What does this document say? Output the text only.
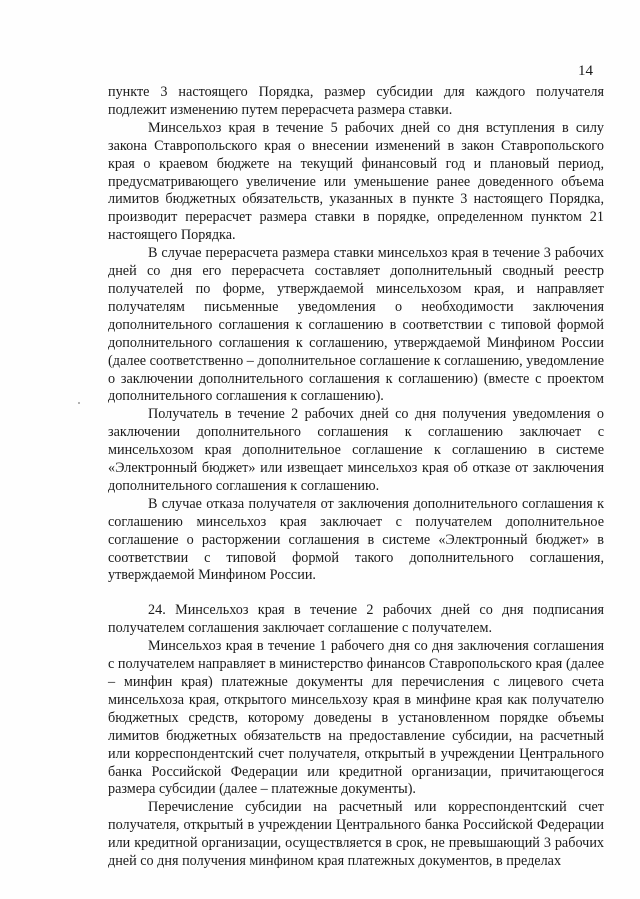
14

пункте 3 настоящего Порядка, размер субсидии для каждого получателя подлежит изменению путем перерасчета размера ставки.

Минсельхоз края в течение 5 рабочих дней со дня вступления в силу закона Ставропольского края о внесении изменений в закон Ставропольского края о краевом бюджете на текущий финансовый год и плановый период, предусматривающего увеличение или уменьшение ранее доведенного объема лимитов бюджетных обязательств, указанных в пункте 3 настоящего Порядка, производит перерасчет размера ставки в порядке, определенном пунктом 21 настоящего Порядка.

В случае перерасчета размера ставки минсельхоз края в течение 3 рабочих дней со дня его перерасчета составляет дополнительный сводный реестр получателей по форме, утверждаемой минсельхозом края, и направляет получателям письменные уведомления о необходимости заключения дополнительного соглашения к соглашению в соответствии с типовой формой дополнительного соглашения к соглашению, утверждаемой Минфином России (далее соответственно – дополнительное соглашение к соглашению, уведомление о заключении дополнительного соглашения к соглашению) (вместе с проектом дополнительного соглашения к соглашению).

Получатель в течение 2 рабочих дней со дня получения уведомления о заключении дополнительного соглашения к соглашению заключает с минсельхозом края дополнительное соглашение к соглашению в системе «Электронный бюджет» или извещает минсельхоз края об отказе от заключения дополнительного соглашения к соглашению.

В случае отказа получателя от заключения дополнительного соглашения к соглашению минсельхоз края заключает с получателем дополнительное соглашение о расторжении соглашения в системе «Электронный бюджет» в соответствии с типовой формой такого дополнительного соглашения, утверждаемой Минфином России.

24. Минсельхоз края в течение 2 рабочих дней со дня подписания получателем соглашения заключает соглашение с получателем.

Минсельхоз края в течение 1 рабочего дня со дня заключения соглашения с получателем направляет в министерство финансов Ставропольского края (далее – минфин края) платежные документы для перечисления с лицевого счета минсельхоза края, открытого минсельхозу края в минфине края как получателю бюджетных средств, которому доведены в установленном порядке объемы лимитов бюджетных обязательств на предоставление субсидии, на расчетный или корреспондентский счет получателя, открытый в учреждении Центрального банка Российской Федерации или кредитной организации, причитающегося размера субсидии (далее – платежные документы).

Перечисление субсидии на расчетный или корреспондентский счет получателя, открытый в учреждении Центрального банка Российской Федерации или кредитной организации, осуществляется в срок, не превышающий 3 рабочих дней со дня получения минфином края платежных документов, в пределах
